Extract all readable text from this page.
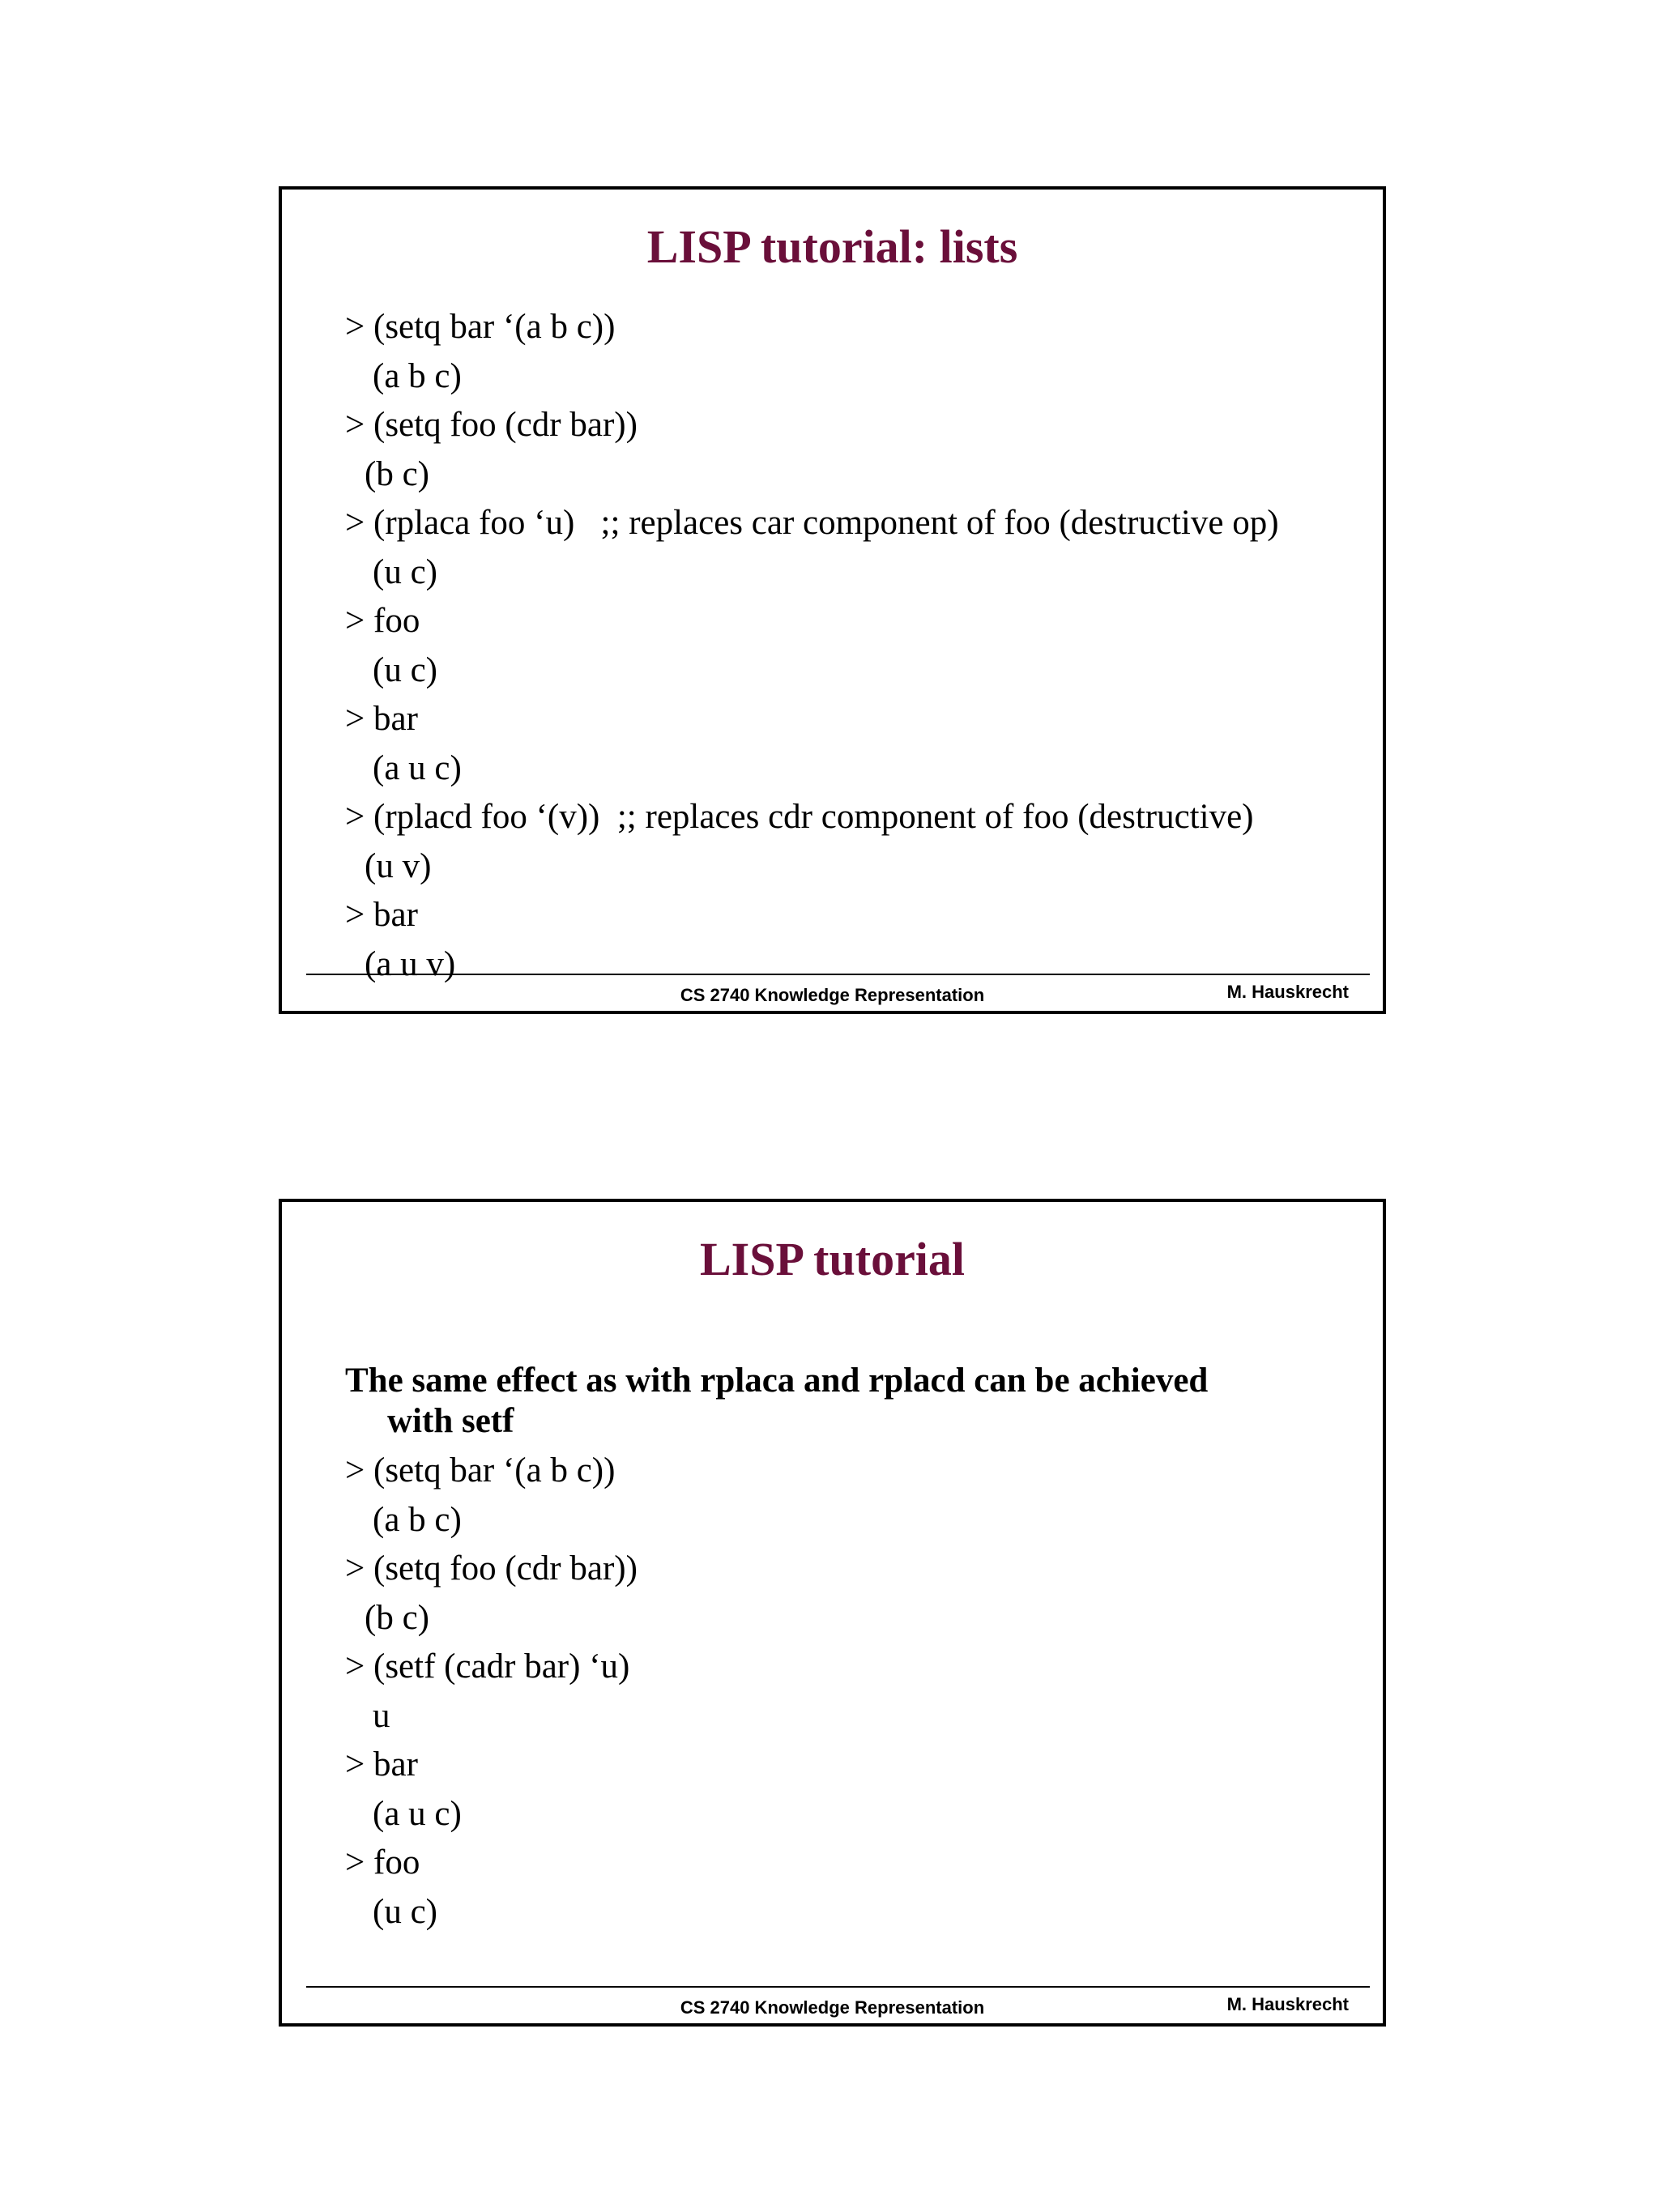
LISP tutorial: lists
> (setq bar ‘(a b c))
(a b c)
> (setq foo (cdr bar))
(b c)
> (rplaca foo ‘u)   ;; replaces car component of foo (destructive op)
(u c)
> foo
(u c)
> bar
(a u c)
> (rplacd foo ‘(v))  ;; replaces cdr component of foo (destructive)
(u v)
> bar
(a u v)
CS 2740 Knowledge Representation	M. Hauskrecht
LISP tutorial
The same effect as with rplaca and rplacd can be achieved
with setf
> (setq bar ‘(a b c))
(a b c)
> (setq foo (cdr bar))
(b c)
> (setf (cadr bar) ‘u)
u
> bar
(a u c)
> foo
(u c)
CS 2740 Knowledge Representation	M. Hauskrecht
